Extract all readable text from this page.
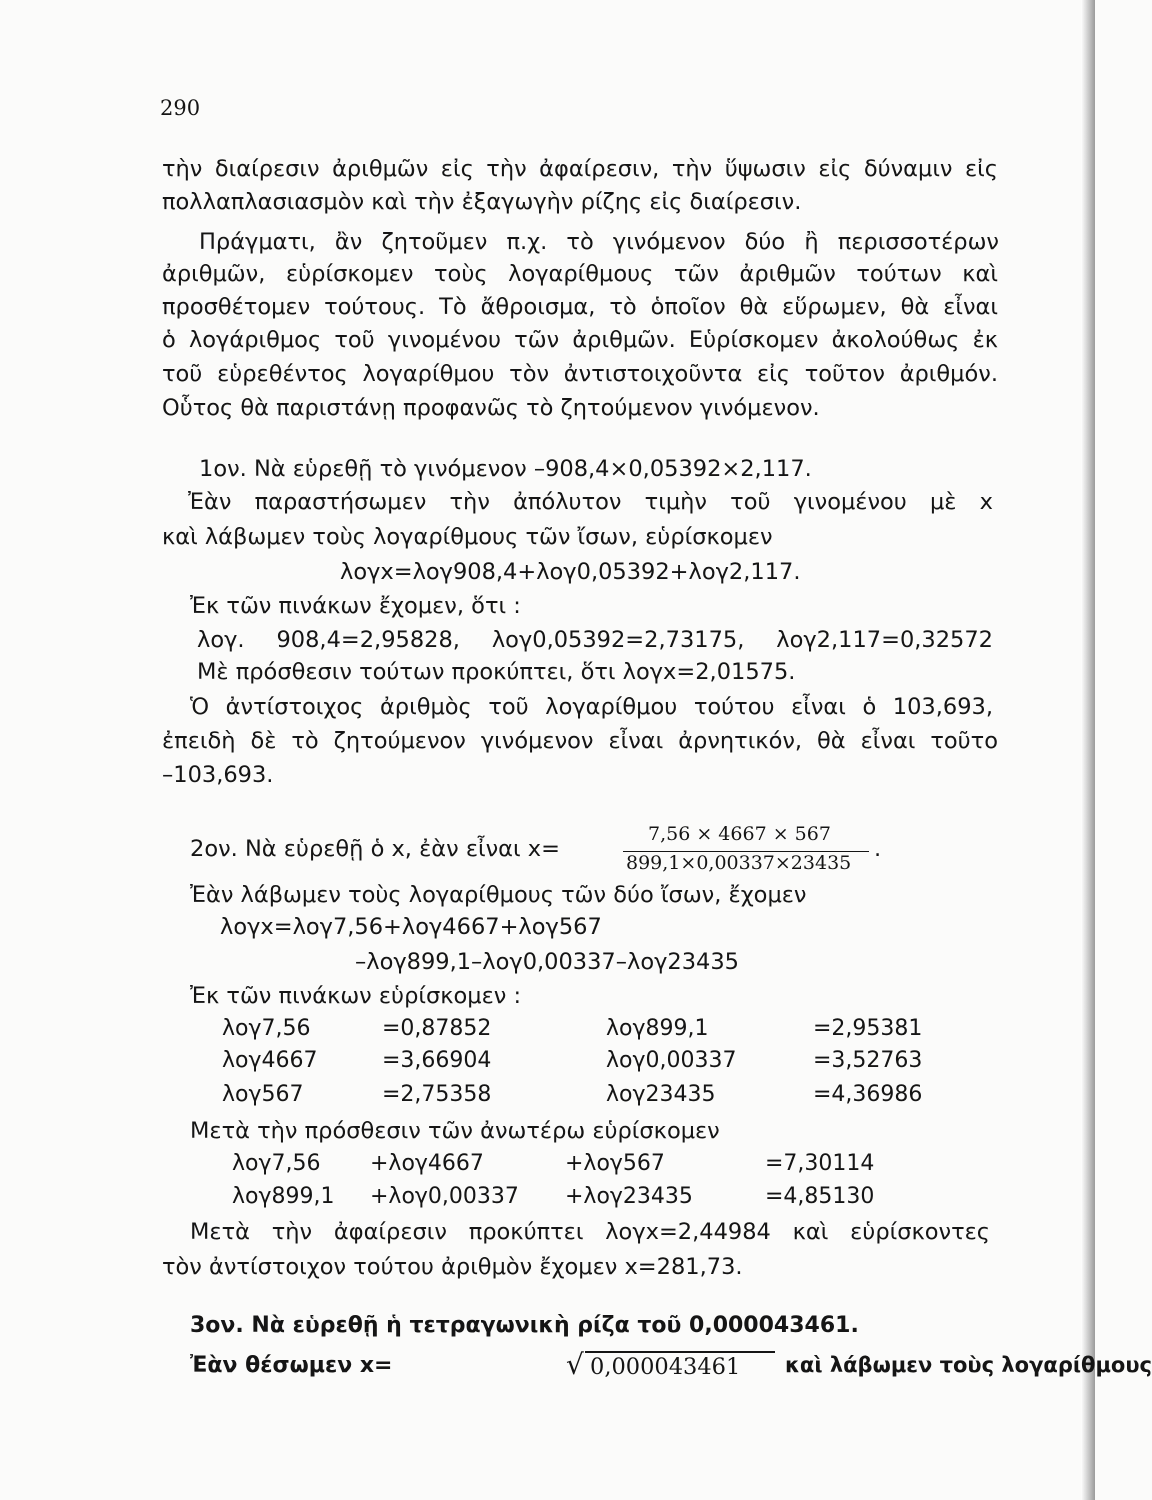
290
τὴν διαίρεσιν ἀριθμῶν εἰς τὴν ἀφαίρεσιν, τὴν ὕψωσιν εἰς δύναμιν εἰς
πολλαπλασιασμὸν καὶ τὴν ἐξαγωγὴν ρίζης εἰς διαίρεσιν.
Πράγματι, ἂν ζητοῦμεν π.χ. τὸ γινόμενον δύο ἢ περισσοτέρων
ἀριθμῶν, εὑρίσκομεν τοὺς λογαρίθμους τῶν ἀριθμῶν τούτων καὶ
προσθέτομεν τούτους. Τὸ ἄθροισμα, τὸ ὁποῖον θὰ εὕρωμεν, θὰ εἶναι
ὁ λογάριθμος τοῦ γινομένου τῶν ἀριθμῶν. Εὑρίσκομεν ἀκολούθως ἐκ
τοῦ εὑρεθέντος λογαρίθμου τὸν ἀντιστοιχοῦντα εἰς τοῦτον ἀριθμόν.
Οὗτος θὰ παριστάνῃ προφανῶς τὸ ζητούμενον γινόμενον.
1ον. Νὰ εὑρεθῇ τὸ γινόμενον –908,4×0,05392×2,117.
Ἐὰν παραστήσωμεν τὴν ἀπόλυτον τιμὴν τοῦ γινομένου μὲ x
καὶ λάβωμεν τοὺς λογαρίθμους τῶν ἴσων, εὑρίσκομεν
λογx=λογ908,4+λογ0,05392+λογ2,117.
Ἐκ τῶν πινάκων ἔχομεν, ὅτι :
λογ. 908,4=2,95828, λογ0,05392=2,73175, λογ2,117=0,32572
Μὲ πρόσθεσιν τούτων προκύπτει, ὅτι λογx=2,01575.
Ὁ ἀντίστοιχος ἀριθμὸς τοῦ λογαρίθμου τούτου εἶναι ὁ 103,693,
ἐπειδὴ δὲ τὸ ζητούμενον γινόμενον εἶναι ἀρνητικόν, θὰ εἶναι τοῦτο
–103,693.
2ον. Νὰ εὑρεθῇ ὁ x, ἐὰν εἶναι x=
7,56 × 4667 × 567
899,1×0,00337×23435
.
Ἐὰν λάβωμεν τοὺς λογαρίθμους τῶν δύο ἴσων, ἔχομεν
λογx=λογ7,56+λογ4667+λογ567
–λογ899,1–λογ0,00337–λογ23435
Ἐκ τῶν πινάκων εὑρίσκομεν :
λογ7,56	=0,87852	λογ899,1	=2,95381
λογ4667	=3,66904	λογ0,00337	=3,52763
λογ567	=2,75358	λογ23435	=4,36986
Μετὰ τὴν πρόσθεσιν τῶν ἀνωτέρω εὑρίσκομεν
λογ7,56 +λογ4667	+λογ567	=7,30114
λογ899,1 +λογ0,00337 +λογ23435	=4,85130
Μετὰ τὴν ἀφαίρεσιν προκύπτει λογx=2,44984 καὶ εὑρίσκοντες
τὸν ἀντίστοιχον τούτου ἀριθμὸν ἔχομεν x=281,73.
3ον. Νὰ εὑρεθῇ ἡ τετραγωνικὴ ρίζα τοῦ 0,000043461.
Ἐὰν θέσωμεν x=	√ 0,000043461 καὶ λάβωμεν τοὺς λογαρίθμους
